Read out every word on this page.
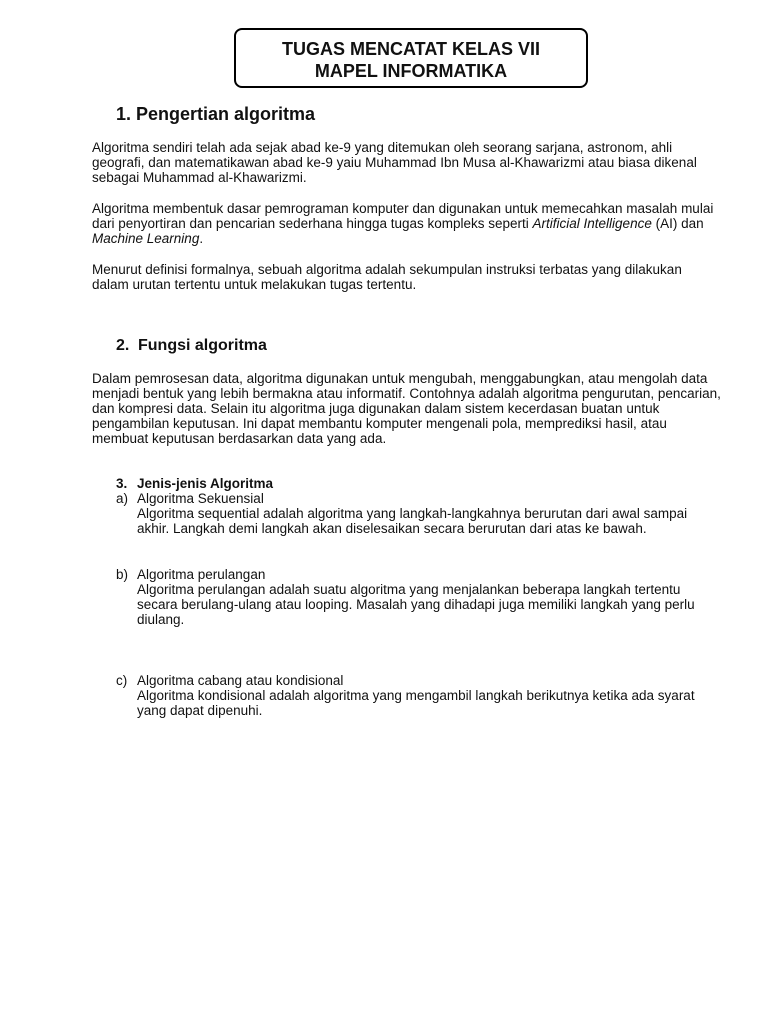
TUGAS MENCATAT KELAS VII
MAPEL INFORMATIKA
1. Pengertian algoritma

Algoritma sendiri telah ada sejak abad ke-9 yang ditemukan oleh seorang sarjana, astronom, ahli geografi, dan matematikawan abad ke-9 yaiu Muhammad Ibn Musa al-Khawarizmi atau biasa dikenal sebagai Muhammad al-Khawarizmi.

Algoritma membentuk dasar pemrograman komputer dan digunakan untuk memecahkan masalah mulai dari penyortiran dan pencarian sederhana hingga tugas kompleks seperti Artificial Intelligence (AI) dan Machine Learning.

Menurut definisi formalnya, sebuah algoritma adalah sekumpulan instruksi terbatas yang dilakukan dalam urutan tertentu untuk melakukan tugas tertentu.

2. Fungsi algoritma

Dalam pemrosesan data, algoritma digunakan untuk mengubah, menggabungkan, atau mengolah data menjadi bentuk yang lebih bermakna atau informatif. Contohnya adalah algoritma pengurutan, pencarian, dan kompresi data. Selain itu algoritma juga digunakan dalam sistem kecerdasan buatan untuk pengambilan keputusan. Ini dapat membantu komputer mengenali pola, memprediksi hasil, atau membuat keputusan berdasarkan data yang ada.

3. Jenis-jenis Algoritma
a) Algoritma Sekuensial
Algoritma sequential adalah algoritma yang langkah-langkahnya berurutan dari awal sampai akhir. Langkah demi langkah akan diselesaikan secara berurutan dari atas ke bawah.
b) Algoritma perulangan
Algoritma perulangan adalah suatu algoritma yang menjalankan beberapa langkah tertentu secara berulang-ulang atau looping. Masalah yang dihadapi juga memiliki langkah yang perlu diulang.
c) Algoritma cabang atau kondisional
Algoritma kondisional adalah algoritma yang mengambil langkah berikutnya ketika ada syarat yang dapat dipenuhi.
